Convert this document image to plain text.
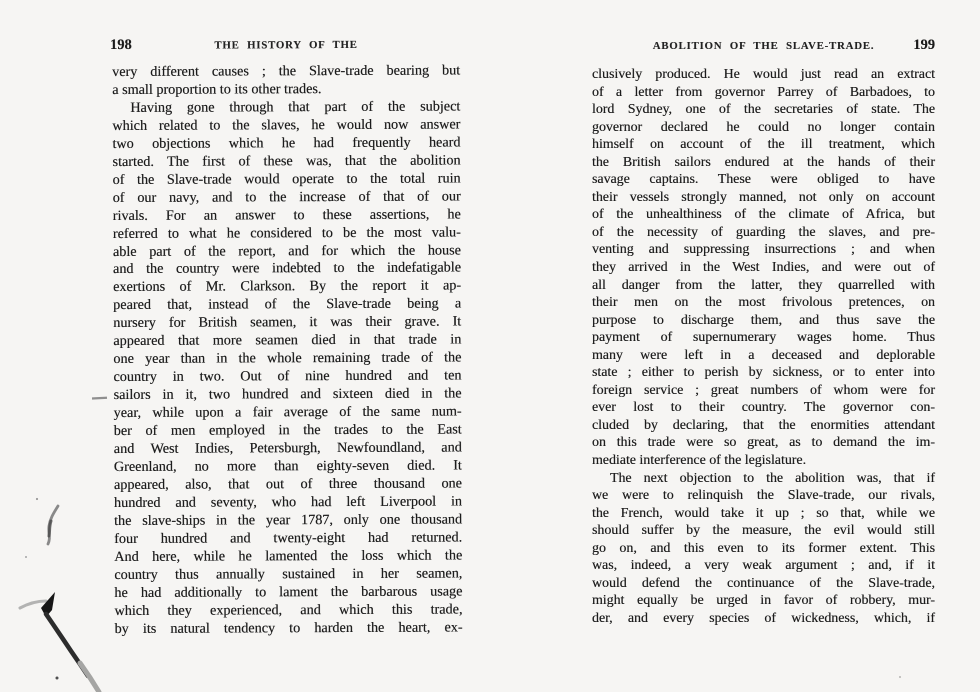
198	THE HISTORY OF THE
very different causes ; the Slave-trade bearing but
a small proportion to its other trades.
Having gone through that part of the subject
which related to the slaves, he would now answer
two objections which he had frequently heard
started. The first of these was, that the abolition
of the Slave-trade would operate to the total ruin
of our navy, and to the increase of that of our
rivals. For an answer to these assertions, he
referred to what he considered to be the most valu-
able part of the report, and for which the house
and the country were indebted to the indefatigable
exertions of Mr. Clarkson. By the report it ap-
peared that, instead of the Slave-trade being a
nursery for British seamen, it was their grave. It
appeared that more seamen died in that trade in
one year than in the whole remaining trade of the
country in two. Out of nine hundred and ten
sailors in it, two hundred and sixteen died in the
year, while upon a fair average of the same num-
ber of men employed in the trades to the East
and West Indies, Petersburgh, Newfoundland, and
Greenland, no more than eighty-seven died. It
appeared, also, that out of three thousand one
hundred and seventy, who had left Liverpool in
the slave-ships in the year 1787, only one thousand
four hundred and twenty-eight had returned.
And here, while he lamented the loss which the
country thus annually sustained in her seamen,
he had additionally to lament the barbarous usage
which they experienced, and which this trade,
by its natural tendency to harden the heart, ex-
ABOLITION OF THE SLAVE-TRADE.	199
clusively produced. He would just read an extract
of a letter from governor Parrey of Barbadoes, to
lord Sydney, one of the secretaries of state. The
governor declared he could no longer contain
himself on account of the ill treatment, which
the British sailors endured at the hands of their
savage captains. These were obliged to have
their vessels strongly manned, not only on account
of the unhealthiness of the climate of Africa, but
of the necessity of guarding the slaves, and pre-
venting and suppressing insurrections ; and when
they arrived in the West Indies, and were out of
all danger from the latter, they quarrelled with
their men on the most frivolous pretences, on
purpose to discharge them, and thus save the
payment of supernumerary wages home. Thus
many were left in a deceased and deplorable
state ; either to perish by sickness, or to enter into
foreign service ; great numbers of whom were for
ever lost to their country. The governor con-
cluded by declaring, that the enormities attendant
on this trade were so great, as to demand the im-
mediate interference of the legislature.
The next objection to the abolition was, that if
we were to relinquish the Slave-trade, our rivals,
the French, would take it up ; so that, while we
should suffer by the measure, the evil would still
go on, and this even to its former extent. This
was, indeed, a very weak argument ; and, if it
would defend the continuance of the Slave-trade,
might equally be urged in favor of robbery, mur-
der, and every species of wickedness, which, if
